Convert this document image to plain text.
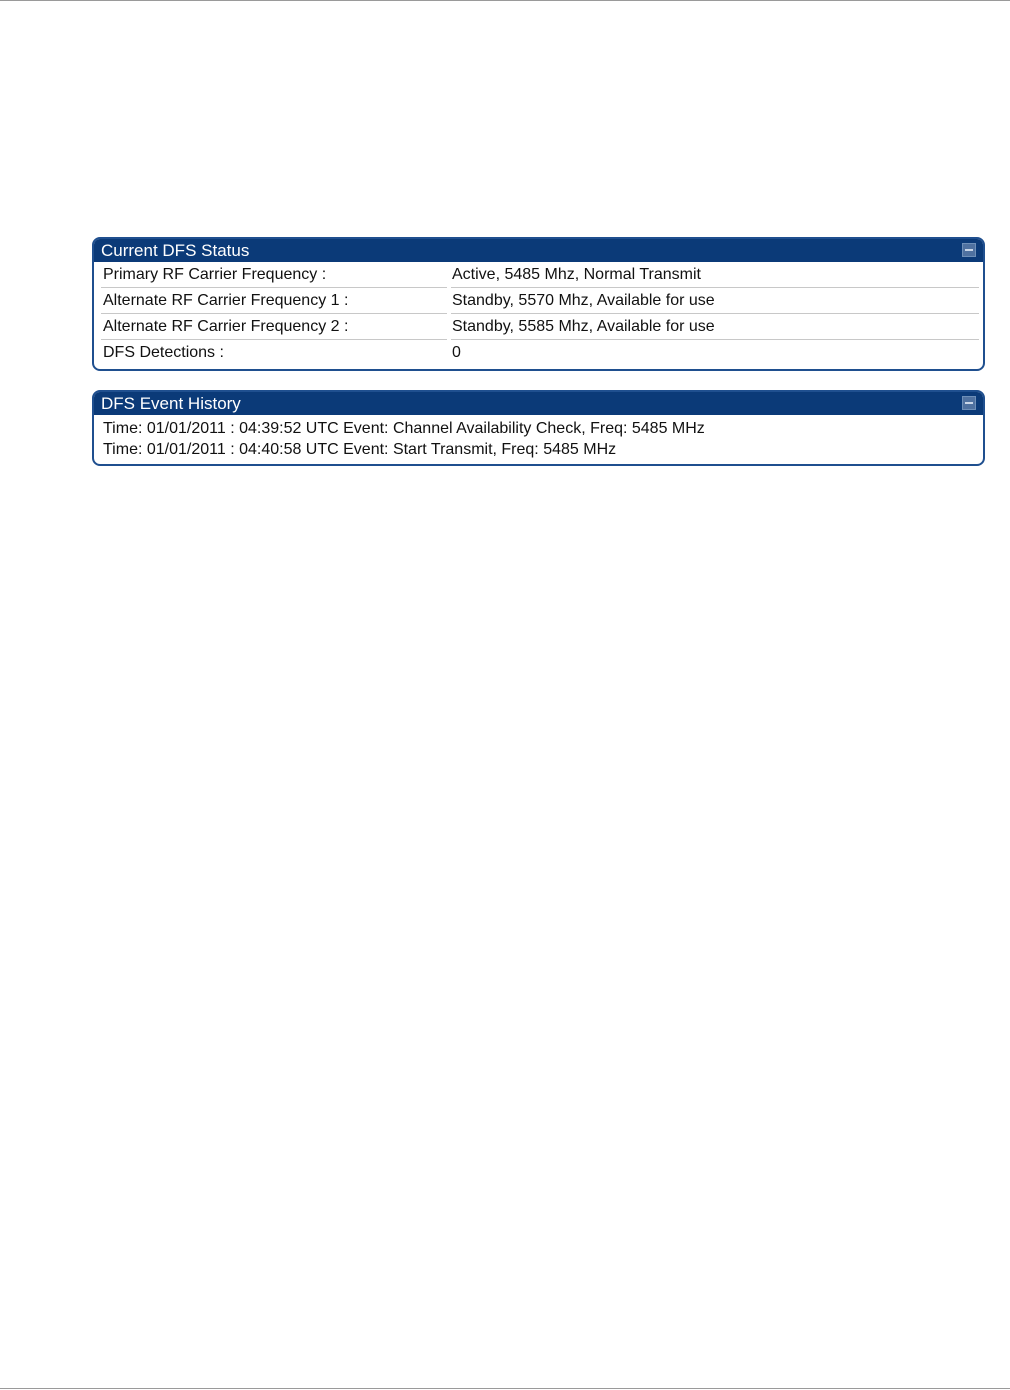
Current DFS Status
Primary RF Carrier Frequency :	Active, 5485 Mhz, Normal Transmit
Alternate RF Carrier Frequency 1 :	Standby, 5570 Mhz, Available for use
Alternate RF Carrier Frequency 2 :	Standby, 5585 Mhz, Available for use
DFS Detections :	0
DFS Event History
Time: 01/01/2011 : 04:39:52 UTC Event: Channel Availability Check, Freq: 5485 MHz
Time: 01/01/2011 : 04:40:58 UTC Event: Start Transmit, Freq: 5485 MHz
